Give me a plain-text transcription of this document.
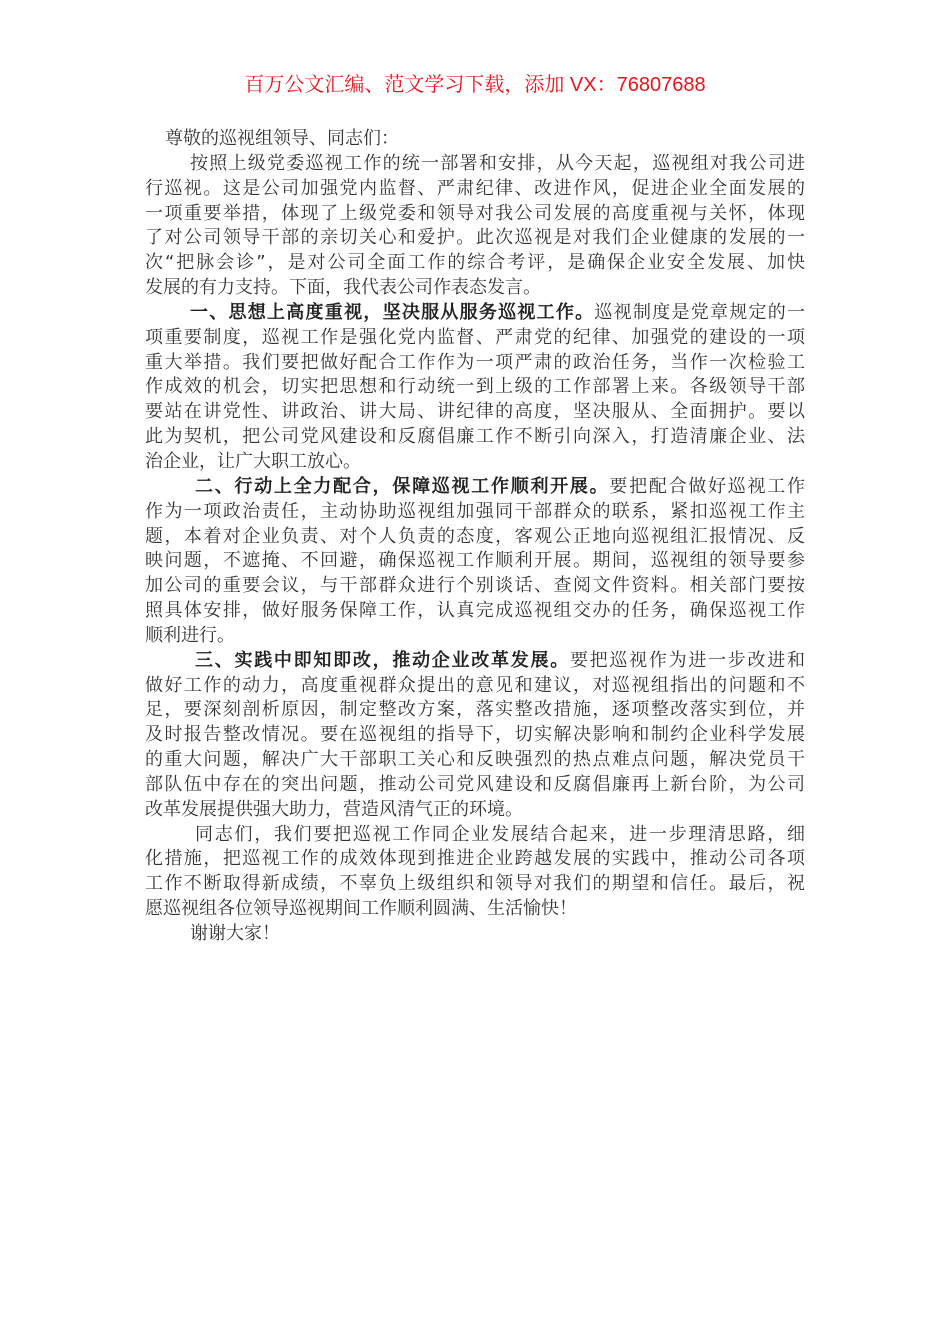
百万公文汇编、范文学习下载，添加 VX：76807688
尊敬的巡视组领导、同志们：
按照上级党委巡视工作的统一部署和安排，从今天起，巡视组对我公司进
行巡视。这是公司加强党内监督、严肃纪律、改进作风，促进企业全面发展的
一项重要举措，体现了上级党委和领导对我公司发展的高度重视与关怀，体现
了对公司领导干部的亲切关心和爱护。此次巡视是对我们企业健康的发展的一
次“把脉会诊”，是对公司全面工作的综合考评，是确保企业安全发展、加快
发展的有力支持。下面，我代表公司作表态发言。
一、思想上高度重视，坚决服从服务巡视工作。巡视制度是党章规定的一
项重要制度，巡视工作是强化党内监督、严肃党的纪律、加强党的建设的一项
重大举措。我们要把做好配合工作作为一项严肃的政治任务，当作一次检验工
作成效的机会，切实把思想和行动统一到上级的工作部署上来。各级领导干部
要站在讲党性、讲政治、讲大局、讲纪律的高度，坚决服从、全面拥护。要以
此为契机，把公司党风建设和反腐倡廉工作不断引向深入，打造清廉企业、法
治企业，让广大职工放心。
二、行动上全力配合，保障巡视工作顺利开展。要把配合做好巡视工作
作为一项政治责任，主动协助巡视组加强同干部群众的联系，紧扣巡视工作主
题，本着对企业负责、对个人负责的态度，客观公正地向巡视组汇报情况、反
映问题，不遮掩、不回避，确保巡视工作顺利开展。期间，巡视组的领导要参
加公司的重要会议，与干部群众进行个别谈话、查阅文件资料。相关部门要按
照具体安排，做好服务保障工作，认真完成巡视组交办的任务，确保巡视工作
顺利进行。
三、实践中即知即改，推动企业改革发展。要把巡视作为进一步改进和
做好工作的动力，高度重视群众提出的意见和建议，对巡视组指出的问题和不
足，要深刻剖析原因，制定整改方案，落实整改措施，逐项整改落实到位，并
及时报告整改情况。要在巡视组的指导下，切实解决影响和制约企业科学发展
的重大问题，解决广大干部职工关心和反映强烈的热点难点问题，解决党员干
部队伍中存在的突出问题，推动公司党风建设和反腐倡廉再上新台阶，为公司
改革发展提供强大助力，营造风清气正的环境。
同志们，我们要把巡视工作同企业发展结合起来，进一步理清思路，细
化措施，把巡视工作的成效体现到推进企业跨越发展的实践中，推动公司各项
工作不断取得新成绩，不辜负上级组织和领导对我们的期望和信任。最后，祝
愿巡视组各位领导巡视期间工作顺利圆满、生活愉快！
谢谢大家！
